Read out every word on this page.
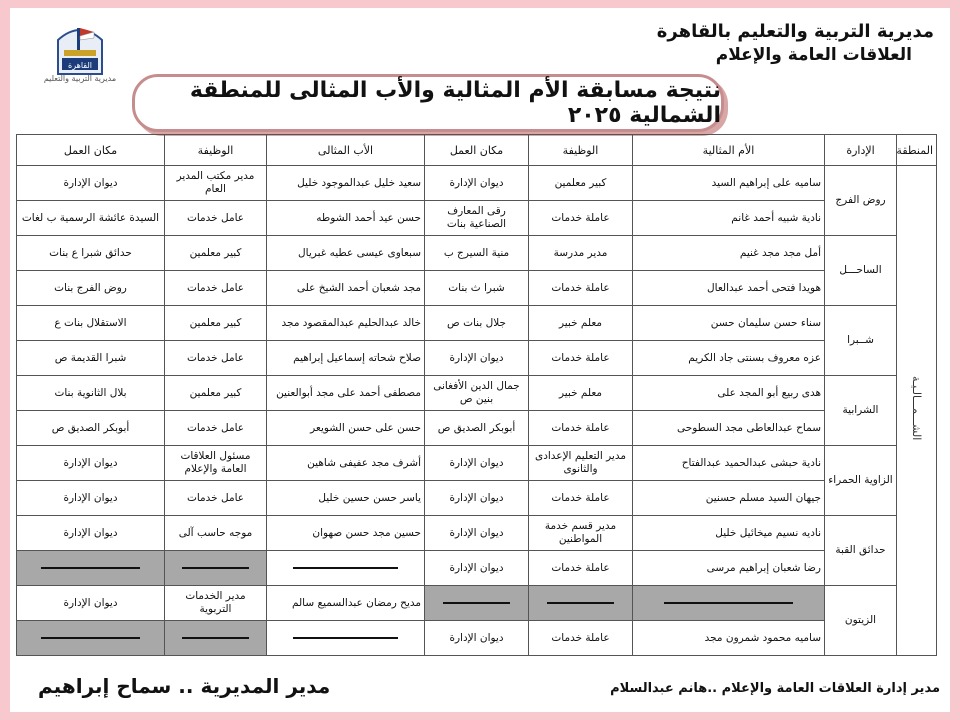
القاهرة
مديرية التربية والتعليم
مديرية التربية والتعليم بالقاهرة
العلاقات العامة والإعلام
نتيجة مسابقة الأم المثالية والأب المثالى للمنطقة الشمالية ٢٠٢٥
المنطقة	الإدارة	الأم المثالية	الوظيفة	مكان العمل	الأب المثالى	الوظيفة	مكان العمل
الشـــمـــالـيـة	روض الفرج	ساميه على إبراهيم السيد	كبير معلمين	ديوان الإدارة	سعيد خليل عبدالموجود خليل	مدير مكتب المدير العام	ديوان الإدارة
		نادية شبيه أحمد غانم	عاملة خدمات	رقى المعارف الصناعية بنات	حسن عيد أحمد الشوطه	عامل خدمات	السيدة عائشة الرسمية ب لغات
	الساحـــل	أمل مجد مجد غنيم	مدير مدرسة	منية السيرج ب	سبعاوى عيسى عطيه غبريال	كبير معلمين	حدائق شبرا ع بنات
		هويدا فتحى أحمد عبدالعال	عاملة خدمات	شبرا ث بنات	مجد شعبان أحمد الشيخ على	عامل خدمات	روض الفرج بنات
	شــبرا	سناء حسن سليمان حسن	معلم خبير	جلال بنات ص	خالد عبدالحليم عبدالمقصود مجد	كبير معلمين	الاستقلال بنات ع
		عزه معروف بسنتى جاد الكريم	عاملة خدمات	ديوان الإدارة	صلاح شحاته إسماعيل إبراهيم	عامل خدمات	شبرا القديمة ص
	الشرابية	هدى ربيع أبو المجد على	معلم خبير	جمال الدين الأفغانى بنين ص	مصطفى أحمد على مجد أبوالعنين	كبير معلمين	بلال الثانوية بنات
		سماح عبدالعاطى مجد السطوحى	عاملة خدمات	أبوبكر الصديق ص	حسن على حسن الشويعر	عامل خدمات	أبوبكر الصديق ص
	الزاوية الحمراء	نادية حبشى عبدالحميد عبدالفتاح	مدير التعليم الإعدادى والثانوى	ديوان الإدارة	أشرف مجد عفيفى شاهين	مسئول العلاقات العامة والإعلام	ديوان الإدارة
		جيهان السيد مسلم حسنين	عاملة خدمات	ديوان الإدارة	ياسر حسن حسين خليل	عامل خدمات	ديوان الإدارة
	حدائق القبة	ناديه نسيم ميخائيل خليل	مدير قسم خدمة المواطنين	ديوان الإدارة	حسين مجد حسن صهوان	موجه حاسب آلى	ديوان الإدارة
		رضا شعبان إبراهيم مرسى	عاملة خدمات	ديوان الإدارة			
	الزيتون				مديح رمضان عبدالسميع سالم	مدير الخدمات التربوية	ديوان الإدارة
		ساميه محمود شمرون مجد	عاملة خدمات	ديوان الإدارة			
مدير المديرية .. سماح إبراهيم	مدير إدارة العلاقات العامة والإعلام ..هانم عبدالسلام
